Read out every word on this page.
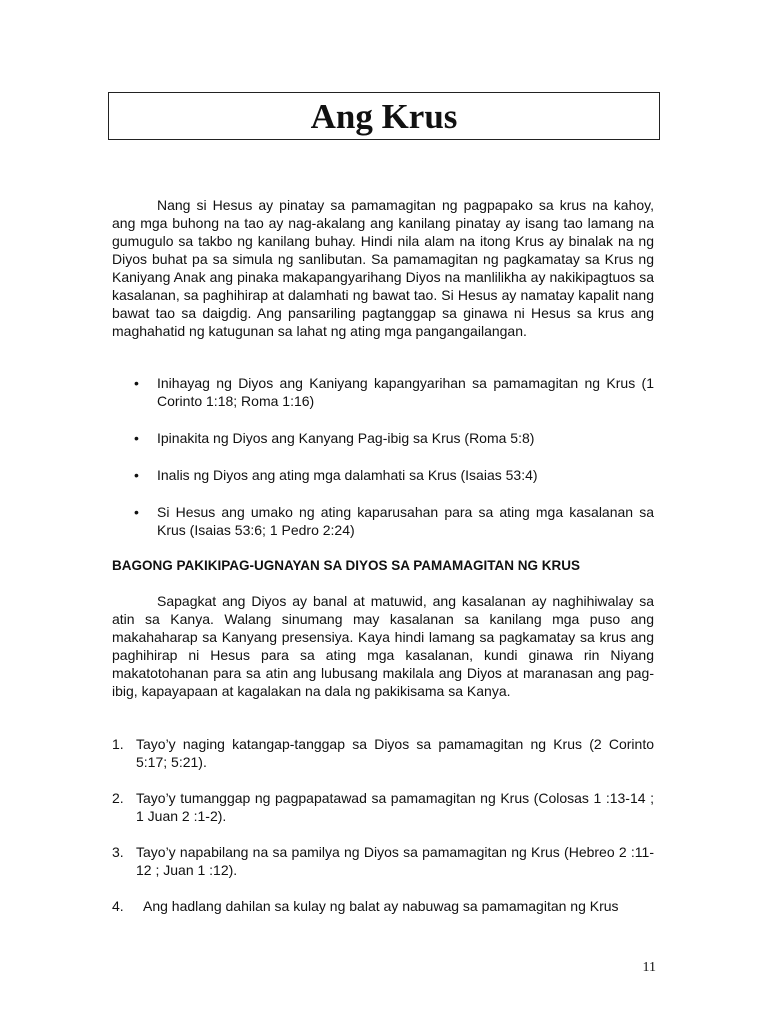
Ang Krus

Nang si Hesus ay pinatay sa pamamagitan ng pagpapako sa krus na kahoy, ang mga buhong na tao ay nag-akalang ang kanilang pinatay ay isang tao lamang na gumugulo sa takbo ng kanilang buhay. Hindi nila alam na itong Krus ay binalak na ng Diyos buhat pa sa simula ng sanlibutan. Sa pamamagitan ng pagkamatay sa Krus ng Kaniyang Anak ang pinaka makapangyarihang Diyos na manlilikha ay nakikipagtuos sa kasalanan, sa paghihirap at dalamhati ng bawat tao. Si Hesus ay namatay kapalit nang bawat tao sa daigdig. Ang pansariling pagtanggap sa ginawa ni Hesus sa krus ang maghahatid ng katugunan sa lahat ng ating mga pangangailangan.

• Inihayag ng Diyos ang Kaniyang kapangyarihan sa pamamagitan ng Krus (1 Corinto 1:18; Roma 1:16)
• Ipinakita ng Diyos ang Kanyang Pag-ibig sa Krus (Roma 5:8)
• Inalis ng Diyos ang ating mga dalamhati sa Krus (Isaias 53:4)
• Si Hesus ang umako ng ating kaparusahan para sa ating mga kasalanan sa Krus (Isaias 53:6; 1 Pedro 2:24)
BAGONG PAKIKIPAG-UGNAYAN SA DIYOS SA PAMAMAGITAN NG KRUS

Sapagkat ang Diyos ay banal at matuwid, ang kasalanan ay naghihiwalay sa atin sa Kanya. Walang sinumang may kasalanan sa kanilang mga puso ang makahaharap sa Kanyang presensiya. Kaya hindi lamang sa pagkamatay sa krus ang paghihirap ni Hesus para sa ating mga kasalanan, kundi ginawa rin Niyang makatotohanan para sa atin ang lubusang makilala ang Diyos at maranasan ang pag-ibig, kapayapaan at kagalakan na dala ng pakikisama sa Kanya.

1. Tayo’y naging katangap-tanggap sa Diyos sa pamamagitan ng Krus (2 Corinto 5:17; 5:21).
2. Tayo’y tumanggap ng pagpapatawad sa pamamagitan ng Krus (Colosas 1 :13-14 ; 1 Juan 2 :1-2).
3. Tayo’y napabilang na sa pamilya ng Diyos sa pamamagitan ng Krus (Hebreo 2 :11-12 ; Juan 1 :12).
4. Ang hadlang dahilan sa kulay ng balat ay nabuwag sa pamamagitan ng Krus
11
